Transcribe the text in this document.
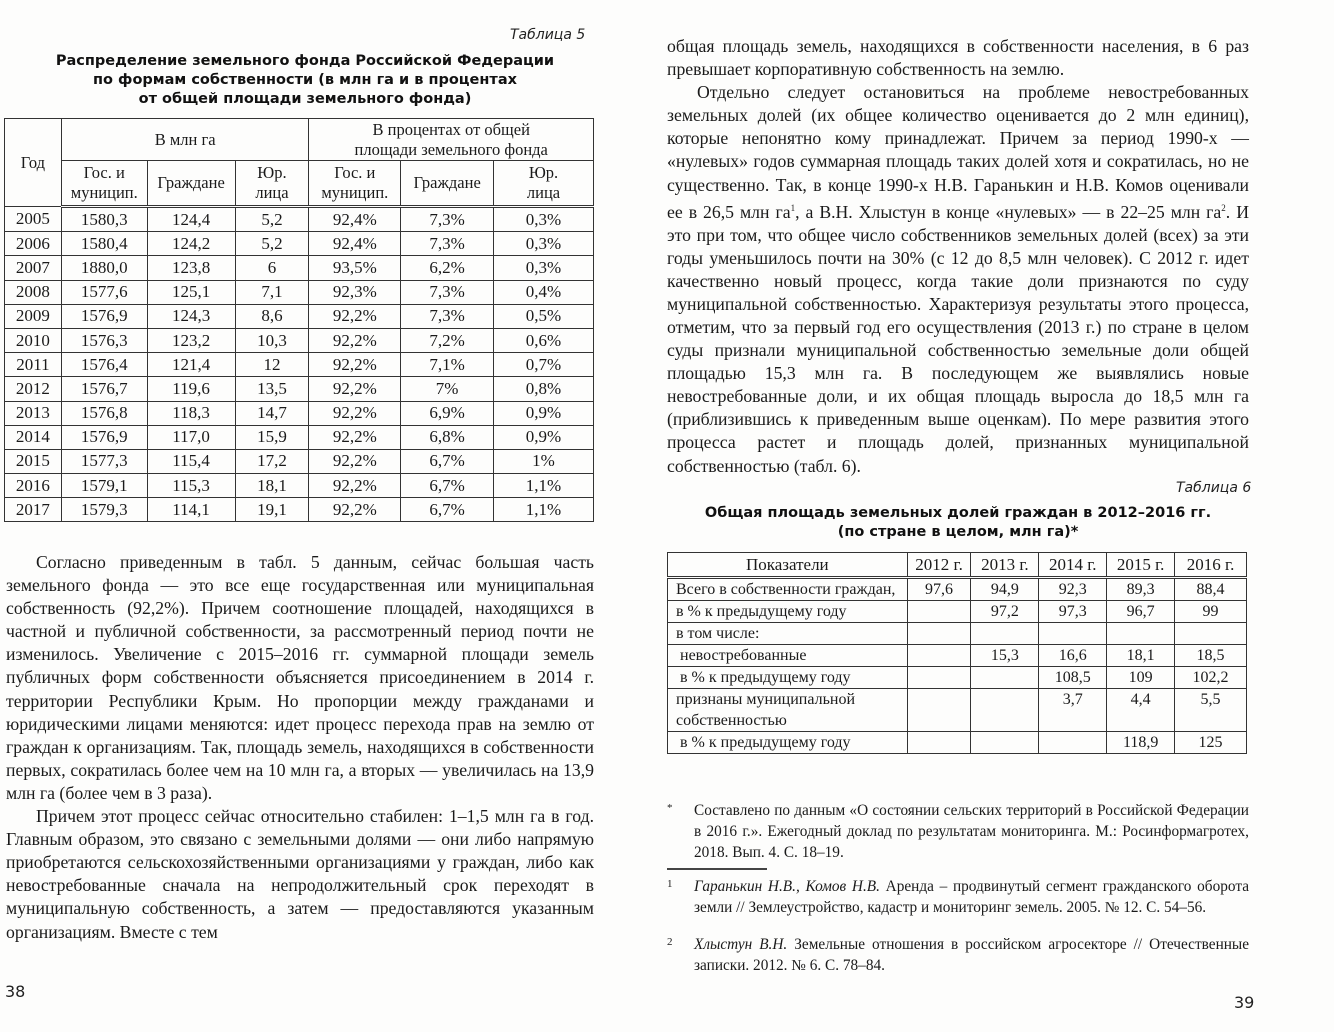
Таблица 5
Распределение земельного фонда Российской Федерации
по формам собственности (в млн га и в процентах
от общей площади земельного фонда)
Год	В млн га			В процентах от общей площади земельного фонда		
	Гос. и муницип.	Граждане	Юр. лица	Гос. и муницип.	Граждане	Юр. лица
2005	1580,3	124,4	5,2	92,4%	7,3%	0,3%
2006	1580,4	124,2	5,2	92,4%	7,3%	0,3%
2007	1880,0	123,8	6	93,5%	6,2%	0,3%
2008	1577,6	125,1	7,1	92,3%	7,3%	0,4%
2009	1576,9	124,3	8,6	92,2%	7,3%	0,5%
2010	1576,3	123,2	10,3	92,2%	7,2%	0,6%
2011	1576,4	121,4	12	92,2%	7,1%	0,7%
2012	1576,7	119,6	13,5	92,2%	7%	0,8%
2013	1576,8	118,3	14,7	92,2%	6,9%	0,9%
2014	1576,9	117,0	15,9	92,2%	6,8%	0,9%
2015	1577,3	115,4	17,2	92,2%	6,7%	1%
2016	1579,1	115,3	18,1	92,2%	6,7%	1,1%
2017	1579,3	114,1	19,1	92,2%	6,7%	1,1%

Согласно приведенным в табл. 5 данным, сейчас большая часть земельного фонда — это все еще государственная или муниципальная собственность (92,2%). Причем соотношение площадей, находящихся в частной и публичной собственности, за рассмотренный период почти не изменилось. Увеличение с 2015–2016 гг. суммарной площади земель публичных форм собственности объясняется присоединением в 2014 г. территории Республики Крым. Но пропорции между гражданами и юридическими лицами меняются: идет процесс перехода прав на землю от граждан к организациям. Так, площадь земель, находящихся в собственности первых, сократилась более чем на 10 млн га, а вторых — увеличилась на 13,9 млн га (более чем в 3 раза).

Причем этот процесс сейчас относительно стабилен: 1–1,5 млн га в год. Главным образом, это связано с земельными долями — они либо напрямую приобретаются сельскохозяйственными организациями у граждан, либо как невостребованные сначала на непродолжительный срок переходят в муниципальную собственность, а затем — предоставляются указанным организациям. Вместе с тем

38

общая площадь земель, находящихся в собственности населения, в 6 раз превышает корпоративную собственность на землю.

Отдельно следует остановиться на проблеме невостребованных земельных долей (их общее количество оценивается до 2 млн единиц), которые непонятно кому принадлежат. Причем за период 1990-х — «нулевых» годов суммарная площадь таких долей хотя и сократилась, но не существенно. Так, в конце 1990-х Н.В. Гаранькин и Н.В. Комов оценивали ее в 26,5 млн $га^1$, а В.Н. Хлыстун в конце «нулевых» — в 22–25 млн $га^2$. И это при том, что общее число собственников земельных долей (всех) за эти годы уменьшилось почти на 30% (с 12 до 8,5 млн человек). С 2012 г. идет качественно новый процесс, когда такие доли признаются по суду муниципальной собственностью. Характеризуя результаты этого процесса, отметим, что за первый год его осуществления (2013 г.) по стране в целом суды признали муниципальной собственностью земельные доли общей площадью 15,3 млн га. В последующем же выявлялись новые невостребованные доли, и их общая площадь выросла до 18,5 млн га (приблизившись к приведенным выше оценкам). По мере развития этого процесса растет и площадь долей, признанных муниципальной собственностью (табл. 6).

Таблица 6
Общая площадь земельных долей граждан в 2012–2016 гг.
(по стране в целом, млн га)*
Показатели	2012 г.	2013 г.	2014 г.	2015 г.	2016 г.
Всего в собственности граждан,	97,6	94,9	92,3	89,3	88,4
в % к предыдущему году		97,2	97,3	96,7	99
в том числе:					
невостребованные		15,3	16,6	18,1	18,5
в % к предыдущему году			108,5	109	102,2
признаны муниципальной собственностью			3,7	4,4	5,5
в % к предыдущему году				118,9	125
* Составлено по данным «О состоянии сельских территорий в Российской Федерации в 2016 г.». Ежегодный доклад по результатам мониторинга. М.: Росинформагротех, 2018. Вып. 4. С. 18–19.
1 Гаранькин Н.В., Комов Н.В. Аренда – продвинутый сегмент гражданского оборота земли // Землеустройство, кадастр и мониторинг земель. 2005. № 12. С. 54–56.
2 Хлыстун В.Н. Земельные отношения в российском агросекторе // Отечественные записки. 2012. № 6. С. 78–84.
39
